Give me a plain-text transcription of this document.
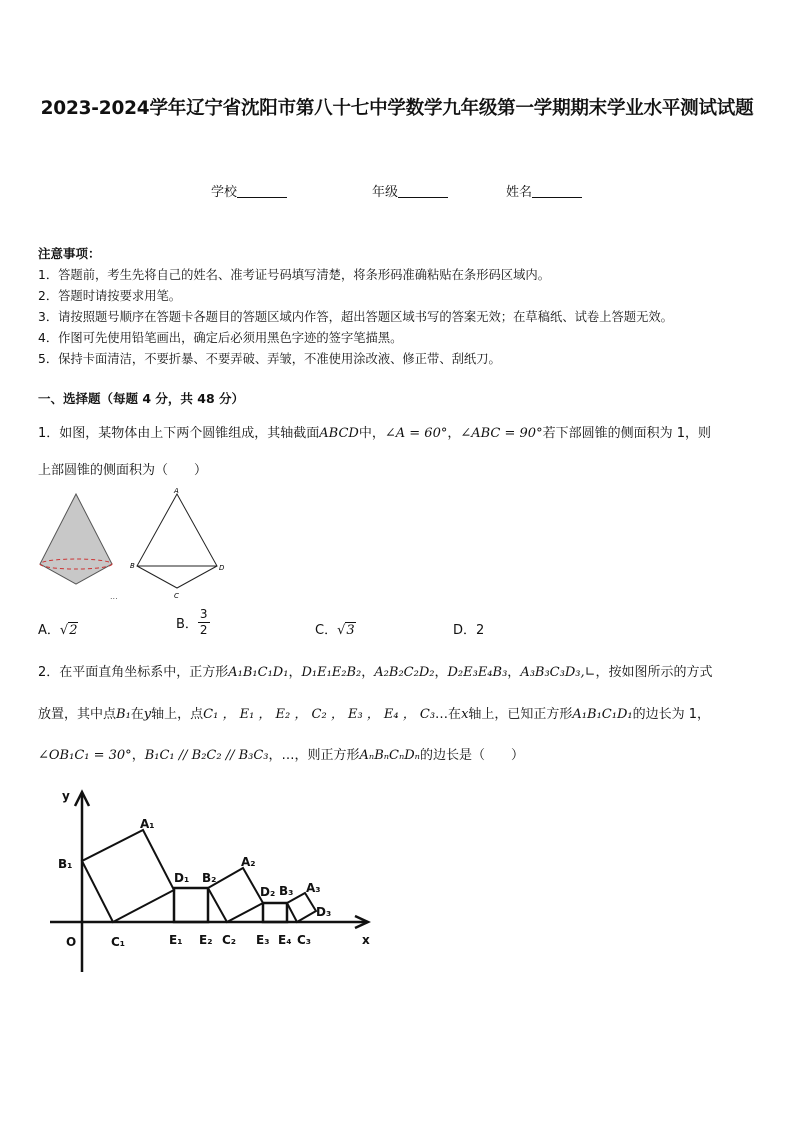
2023-2024学年辽宁省沈阳市第八十七中学数学九年级第一学期期末学业水平测试试题
学校	年级	姓名
注意事项：
1．答题前，考生先将自己的姓名、准考证号码填写清楚，将条形码准确粘贴在条形码区域内。
2．答题时请按要求用笔。
3．请按照题号顺序在答题卡各题目的答题区域内作答，超出答题区域书写的答案无效；在草稿纸、试卷上答题无效。
4．作图可先使用铅笔画出，确定后必须用黑色字迹的签字笔描黑。
5．保持卡面清洁，不要折暴、不要弄破、弄皱，不准使用涂改液、修正带、刮纸刀。
一、选择题（每题 4 分，共 48 分）
1．如图，某物体由上下两个圆锥组成，其轴截面ABCD中，∠A = 60°，∠ABC = 90°若下部圆锥的侧面积为 1，则
上部圆锥的侧面积为（　　）
...
A
B
C
D
A．√2	B． $\frac{3}{2}$	C．√3	D．2
2．在平面直角坐标系中，正方形A₁B₁C₁D₁，D₁E₁E₂B₂，A₂B₂C₂D₂，D₂E₃E₄B₃，A₃B₃C₃D₃,∟，按如图所示的方式
放置，其中点B₁在y轴上，点C₁ ， E₁ ， E₂ ， C₂ ， E₃ ， E₄ ， C₃…在x轴上，已知正方形A₁B₁C₁D₁的边长为 1，
∠OB₁C₁ = 30°，B₁C₁ // B₂C₂ // B₃C₃，…，则正方形AₙBₙCₙDₙ的边长是（　　）
y
x
O
A₁
B₁
C₁
D₁
E₁ E₂
B₂
A₂
C₂
D₂
E₃ E₄
B₃ A₃
C₃
D₃
